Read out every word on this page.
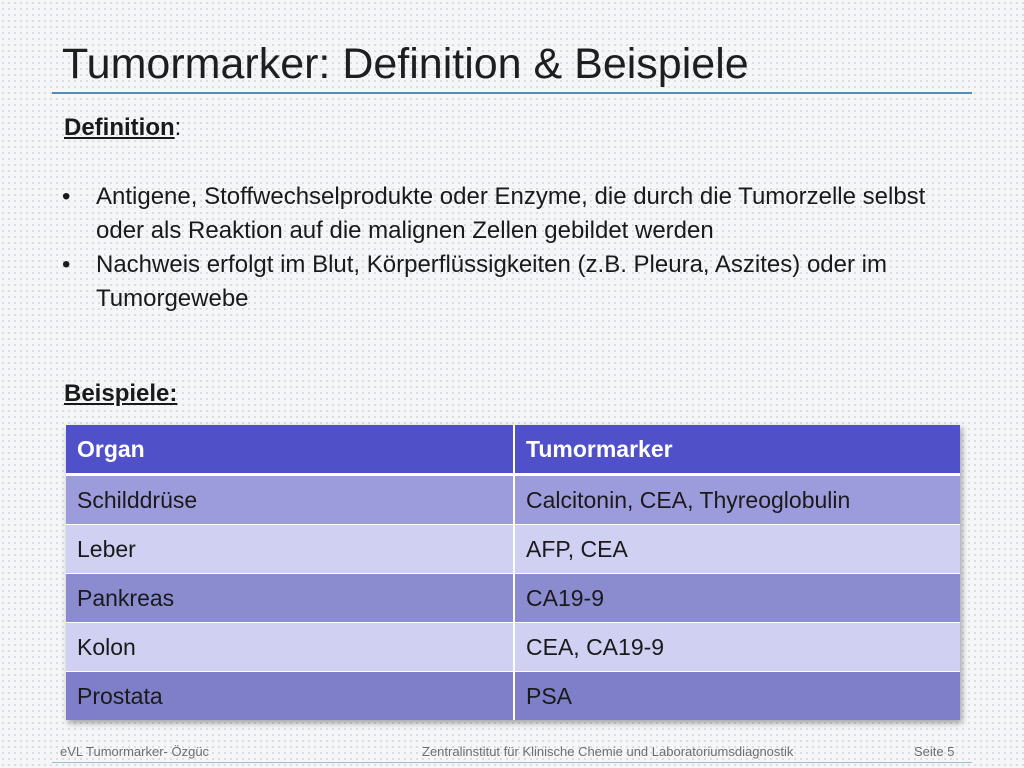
Tumormarker: Definition & Beispiele
Definition:
• Antigene, Stoffwechselprodukte oder Enzyme, die durch die Tumorzelle selbst oder als Reaktion auf die malignen Zellen gebildet werden
• Nachweis erfolgt im Blut, Körperflüssigkeiten (z.B. Pleura, Aszites) oder im Tumorgewebe
Beispiele:
Organ	Tumormarker
Schilddrüse	Calcitonin, CEA, Thyreoglobulin
Leber	AFP, CEA
Pankreas	CA19-9
Kolon	CEA, CA19-9
Prostata	PSA
eVL Tumormarker- Özgüc	Zentralinstitut für Klinische Chemie und Laboratoriumsdiagnostik	Seite 5
